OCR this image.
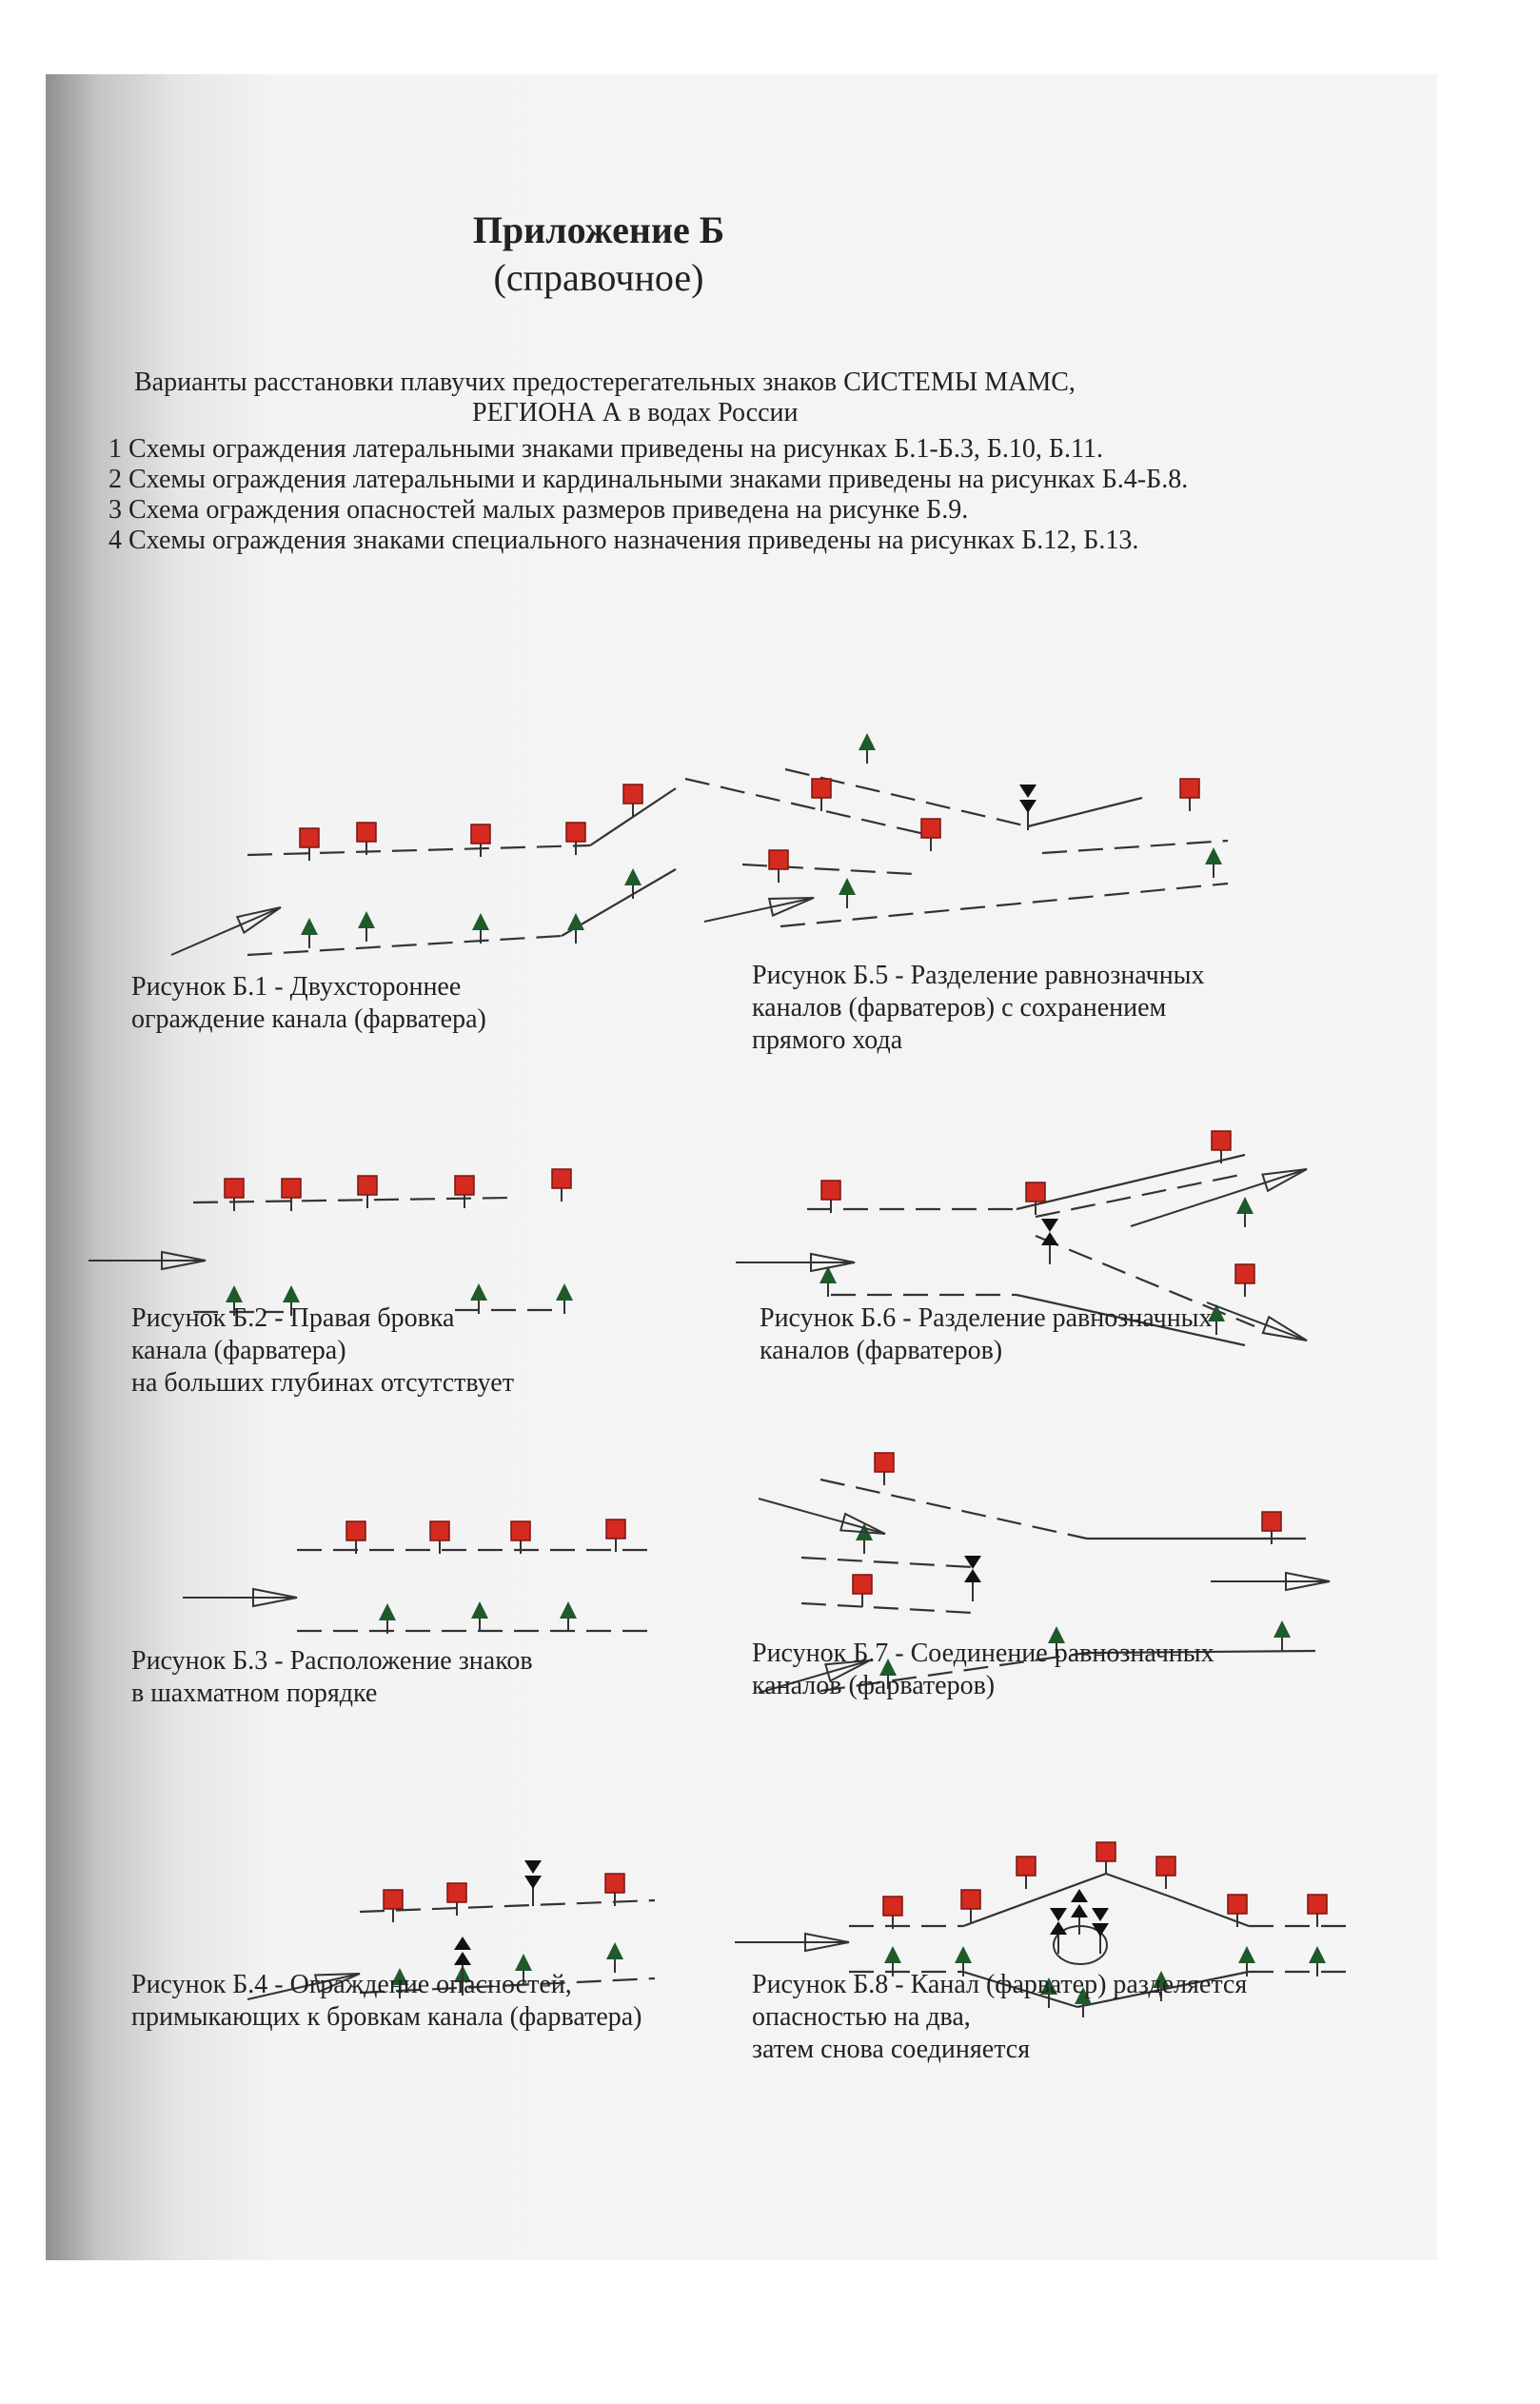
Приложение Б
(справочное)
Варианты расстановки плавучих предостерегательных знаков СИСТЕМЫ МАМС,
РЕГИОНА А в водах России
1 Схемы ограждения латеральными знаками приведены на рисунках Б.1-Б.3, Б.10, Б.11.
2 Схемы ограждения латеральными и кардинальными знаками приведены на рисунках Б.4-Б.8.
3 Схема ограждения опасностей малых размеров приведена на рисунке Б.9.
4 Схемы ограждения знаками специального назначения приведены на рисунках Б.12, Б.13.
Рисунок Б.1 - Двухстороннее
ограждение канала (фарватера)
Рисунок Б.5 - Разделение равнозначных
каналов (фарватеров) с сохранением
прямого хода
Рисунок Б.2 - Правая бровка
канала (фарватера)
на больших глубинах отсутствует
Рисунок Б.6 - Разделение равнозначных
каналов (фарватеров)
Рисунок Б.3 - Расположение знаков
в шахматном порядке
Рисунок Б.7 - Соединение равнозначных
каналов (фарватеров)
Рисунок Б.4 - Ограждение опасностей,
примыкающих к бровкам канала (фарватера)
Рисунок Б.8 - Канал (фарватер) разделяется
опасностью на два,
затем снова соединяется
